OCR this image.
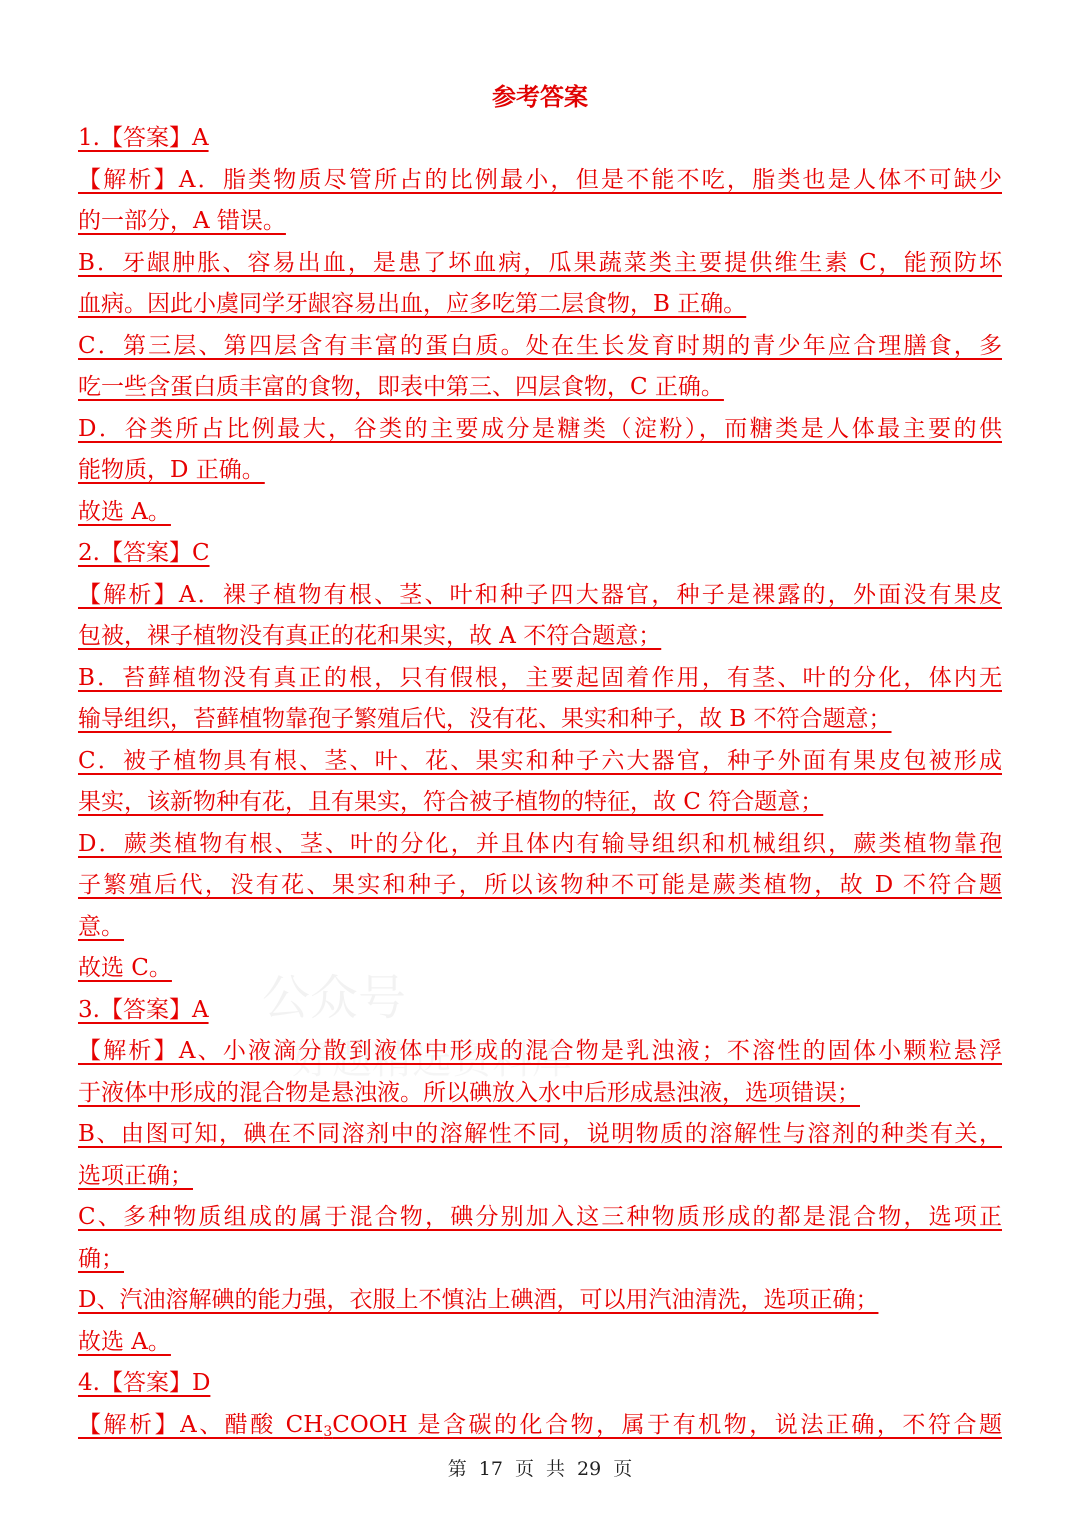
参考答案
公众号
1.【答案】A
【解析】A．脂类物质尽管所占的比例最小，但是不能不吃，脂类也是人体不可缺少
的一部分，A 错误。
B．牙龈肿胀、容易出血，是患了坏血病，瓜果蔬菜类主要提供维生素 C，能预防坏
血病。因此小虞同学牙龈容易出血，应多吃第二层食物，B 正确。
C．第三层、第四层含有丰富的蛋白质。处在生长发育时期的青少年应合理膳食，多
吃一些含蛋白质丰富的食物，即表中第三、四层食物，C 正确。
D．谷类所占比例最大，谷类的主要成分是糖类（淀粉），而糖类是人体最主要的供
能物质，D 正确。
故选 A。
2.【答案】C
【解析】A．裸子植物有根、茎、叶和种子四大器官，种子是裸露的，外面没有果皮
包被，裸子植物没有真正的花和果实，故 A 不符合题意；
B．苔藓植物没有真正的根，只有假根，主要起固着作用，有茎、叶的分化，体内无
输导组织，苔藓植物靠孢子繁殖后代，没有花、果实和种子，故 B 不符合题意；
C．被子植物具有根、茎、叶、花、果实和种子六大器官，种子外面有果皮包被形成
果实，该新物种有花，且有果实，符合被子植物的特征，故 C 符合题意；
D．蕨类植物有根、茎、叶的分化，并且体内有输导组织和机械组织，蕨类植物靠孢
子繁殖后代，没有花、果实和种子，所以该物种不可能是蕨类植物，故 D 不符合题
意。
故选 C。
3.【答案】A
【解析】A、小液滴分散到液体中形成的混合物是乳浊液；不溶性的固体小颗粒悬浮
于液体中形成的混合物是悬浊液。所以碘放入水中后形成悬浊液，选项错误；
B、由图可知，碘在不同溶剂中的溶解性不同，说明物质的溶解性与溶剂的种类有关，
选项正确；
C、多种物质组成的属于混合物，碘分别加入这三种物质形成的都是混合物，选项正
确；
D、汽油溶解碘的能力强，衣服上不慎沾上碘酒，可以用汽油清洗，选项正确；
故选 A。
4.【答案】D
【解析】A、醋酸 $CH_3COOH$ 是含碳的化合物，属于有机物，说法正确，不符合题
第 17 页 共 29 页
